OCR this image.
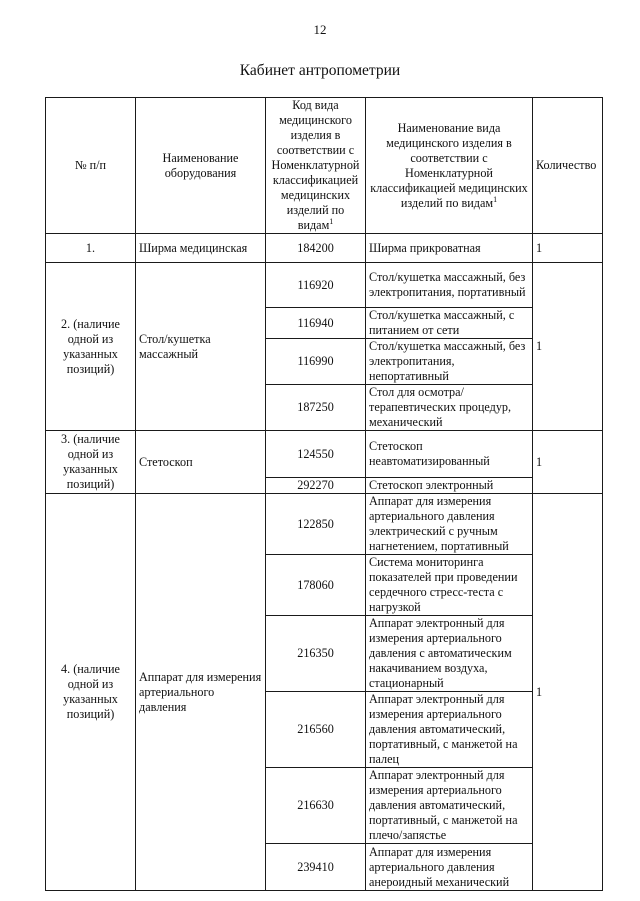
12
Кабинет антропометрии
№ п/п	Наименование оборудования	Код вида медицинского изделия в соответствии с Номенклатурной классификацией медицинских изделий по видам$^1$	Наименование вида медицинского изделия в соответствии с Номенклатурной классификацией медицинских изделий по видам$^1$	Количество
1.	Ширма медицинская	184200	Ширма прикроватная	1
2. (наличие одной из указанных позиций)	Стол/кушетка массажный	116920	Стол/кушетка массажный, без электропитания, портативный	1
		116940	Стол/кушетка массажный, с питанием от сети	
		116990	Стол/кушетка массажный, без электропитания, непортативный	
		187250	Стол для осмотра/ терапевтических процедур, механический	
3. (наличие одной из указанных позиций)	Стетоскоп	124550	Стетоскоп неавтоматизированный	1
		292270	Стетоскоп электронный	
4. (наличие одной из указанных позиций)	Аппарат для измерения артериального давления	122850	Аппарат для измерения артериального давления электрический с ручным нагнетением, портативный	1
		178060	Система мониторинга показателей при проведении сердечного стресс-теста с нагрузкой	
		216350	Аппарат электронный для измерения артериального давления с автоматическим накачиванием воздуха, стационарный	
		216560	Аппарат электронный для измерения артериального давления автоматический, портативный, с манжетой на палец	
		216630	Аппарат электронный для измерения артериального давления автоматический, портативный, с манжетой на плечо/запястье	
		239410	Аппарат для измерения артериального давления анероидный механический	
